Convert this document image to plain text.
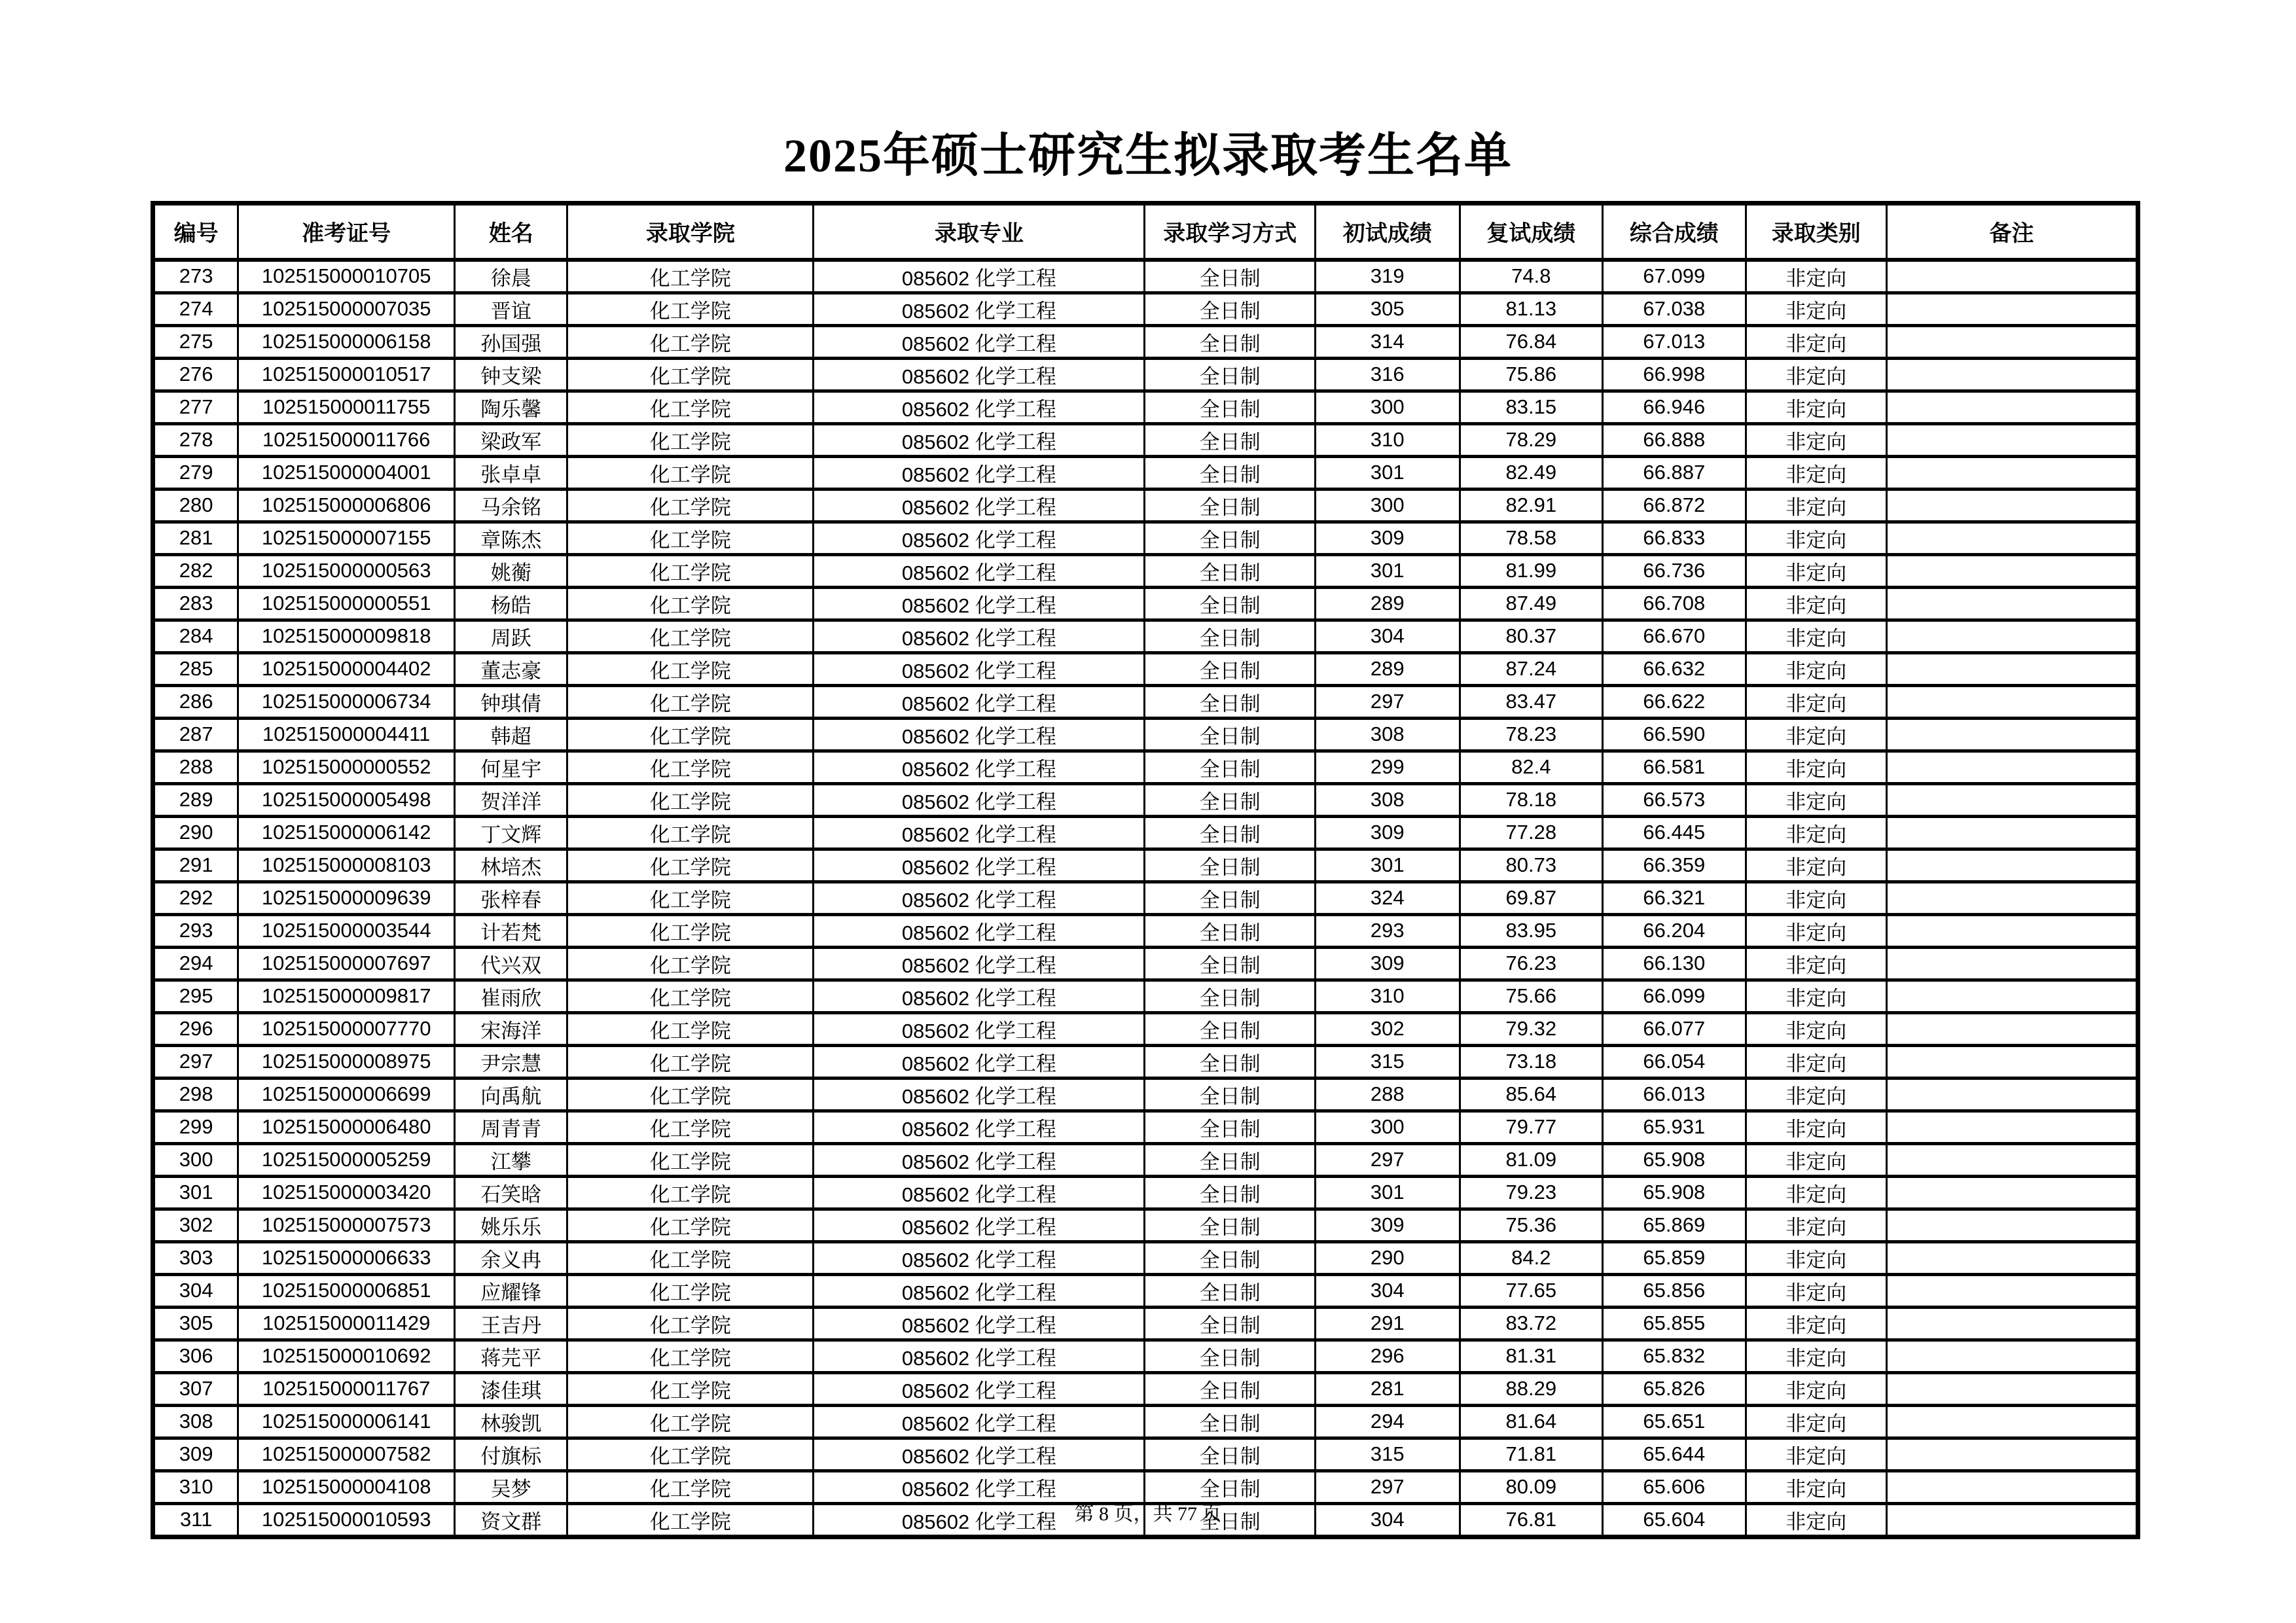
2025年硕士研究生拟录取考生名单
编号	准考证号	姓名	录取学院	录取专业	录取学习方式	初试成绩	复试成绩	综合成绩	录取类别	备注
273	102515000010705	徐晨	化工学院	085602 化学工程	全日制	319	74.8	67.099	非定向	
274	102515000007035	晋谊	化工学院	085602 化学工程	全日制	305	81.13	67.038	非定向	
275	102515000006158	孙国强	化工学院	085602 化学工程	全日制	314	76.84	67.013	非定向	
276	102515000010517	钟支梁	化工学院	085602 化学工程	全日制	316	75.86	66.998	非定向	
277	102515000011755	陶乐馨	化工学院	085602 化学工程	全日制	300	83.15	66.946	非定向	
278	102515000011766	梁政军	化工学院	085602 化学工程	全日制	310	78.29	66.888	非定向	
279	102515000004001	张卓卓	化工学院	085602 化学工程	全日制	301	82.49	66.887	非定向	
280	102515000006806	马余铭	化工学院	085602 化学工程	全日制	300	82.91	66.872	非定向	
281	102515000007155	章陈杰	化工学院	085602 化学工程	全日制	309	78.58	66.833	非定向	
282	102515000000563	姚蘅	化工学院	085602 化学工程	全日制	301	81.99	66.736	非定向	
283	102515000000551	杨皓	化工学院	085602 化学工程	全日制	289	87.49	66.708	非定向	
284	102515000009818	周跃	化工学院	085602 化学工程	全日制	304	80.37	66.670	非定向	
285	102515000004402	董志豪	化工学院	085602 化学工程	全日制	289	87.24	66.632	非定向	
286	102515000006734	钟琪倩	化工学院	085602 化学工程	全日制	297	83.47	66.622	非定向	
287	102515000004411	韩超	化工学院	085602 化学工程	全日制	308	78.23	66.590	非定向	
288	102515000000552	何星宇	化工学院	085602 化学工程	全日制	299	82.4	66.581	非定向	
289	102515000005498	贺洋洋	化工学院	085602 化学工程	全日制	308	78.18	66.573	非定向	
290	102515000006142	丁文辉	化工学院	085602 化学工程	全日制	309	77.28	66.445	非定向	
291	102515000008103	林培杰	化工学院	085602 化学工程	全日制	301	80.73	66.359	非定向	
292	102515000009639	张梓春	化工学院	085602 化学工程	全日制	324	69.87	66.321	非定向	
293	102515000003544	计若梵	化工学院	085602 化学工程	全日制	293	83.95	66.204	非定向	
294	102515000007697	代兴双	化工学院	085602 化学工程	全日制	309	76.23	66.130	非定向	
295	102515000009817	崔雨欣	化工学院	085602 化学工程	全日制	310	75.66	66.099	非定向	
296	102515000007770	宋海洋	化工学院	085602 化学工程	全日制	302	79.32	66.077	非定向	
297	102515000008975	尹宗慧	化工学院	085602 化学工程	全日制	315	73.18	66.054	非定向	
298	102515000006699	向禹航	化工学院	085602 化学工程	全日制	288	85.64	66.013	非定向	
299	102515000006480	周青青	化工学院	085602 化学工程	全日制	300	79.77	65.931	非定向	
300	102515000005259	江攀	化工学院	085602 化学工程	全日制	297	81.09	65.908	非定向	
301	102515000003420	石笑晗	化工学院	085602 化学工程	全日制	301	79.23	65.908	非定向	
302	102515000007573	姚乐乐	化工学院	085602 化学工程	全日制	309	75.36	65.869	非定向	
303	102515000006633	余义冉	化工学院	085602 化学工程	全日制	290	84.2	65.859	非定向	
304	102515000006851	应耀锋	化工学院	085602 化学工程	全日制	304	77.65	65.856	非定向	
305	102515000011429	王吉丹	化工学院	085602 化学工程	全日制	291	83.72	65.855	非定向	
306	102515000010692	蒋芫平	化工学院	085602 化学工程	全日制	296	81.31	65.832	非定向	
307	102515000011767	漆佳琪	化工学院	085602 化学工程	全日制	281	88.29	65.826	非定向	
308	102515000006141	林骏凯	化工学院	085602 化学工程	全日制	294	81.64	65.651	非定向	
309	102515000007582	付旗标	化工学院	085602 化学工程	全日制	315	71.81	65.644	非定向	
310	102515000004108	吴梦	化工学院	085602 化学工程	全日制	297	80.09	65.606	非定向	
311	102515000010593	资文群	化工学院	085602 化学工程	全日制	304	76.81	65.604	非定向	
第 8 页，共 77 页
